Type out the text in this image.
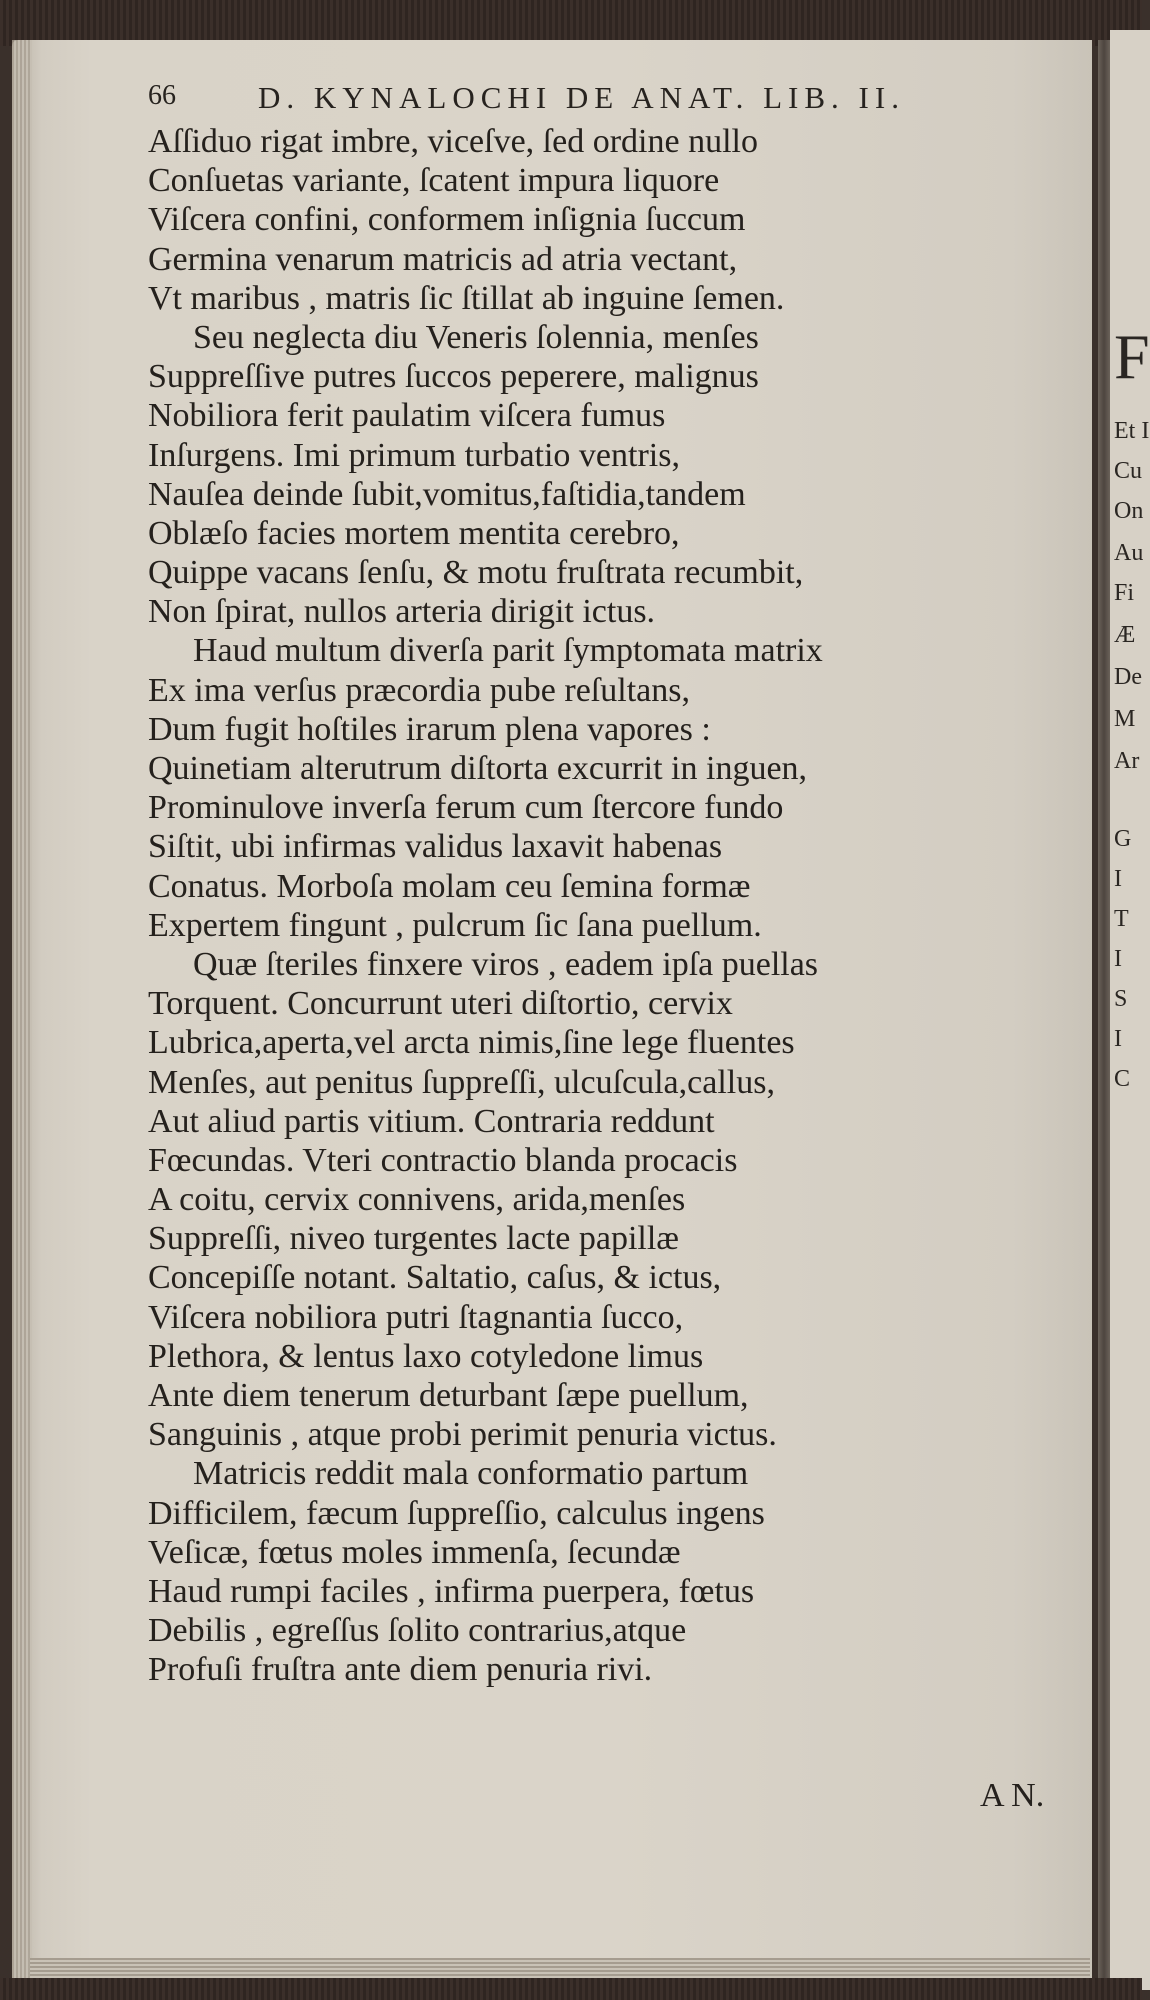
F
Et I
Cu
On
Au
Fi
Æ
De
M
Ar
G
I
T
I
S
I
C
66	D. KYNALOCHI DE ANAT. LIB. II.
Aſſiduo rigat imbre, viceſve, ſed ordine nullo
Conſuetas variante, ſcatent impura liquore
Viſcera confini, conformem inſignia ſuccum
Germina venarum matricis ad atria vectant,
Vt maribus , matris ſic ſtillat ab inguine ſemen.
Seu neglecta diu Veneris ſolennia, menſes
Suppreſſive putres ſuccos peperere, malignus
Nobiliora ferit paulatim viſcera fumus
Inſurgens. Imi primum turbatio ventris,
Nauſea deinde ſubit,vomitus,faſtidia,tandem
Oblæſo facies mortem mentita cerebro,
Quippe vacans ſenſu, & motu fruſtrata recumbit,
Non ſpirat, nullos arteria dirigit ictus.
Haud multum diverſa parit ſymptomata matrix
Ex ima verſus præcordia pube reſultans,
Dum fugit hoſtiles irarum plena vapores :
Quinetiam alterutrum diſtorta excurrit in inguen,
Prominulove inverſa ferum cum ſtercore fundo
Siſtit, ubi infirmas validus laxavit habenas
Conatus. Morboſa molam ceu ſemina formæ
Expertem fingunt , pulcrum ſic ſana puellum.
Quæ ſteriles finxere viros , eadem ipſa puellas
Torquent. Concurrunt uteri diſtortio, cervix
Lubrica,aperta,vel arcta nimis,ſine lege fluentes
Menſes, aut penitus ſuppreſſi, ulcuſcula,callus,
Aut aliud partis vitium. Contraria reddunt
Fœcundas. Vteri contractio blanda procacis
A coitu, cervix connivens, arida,menſes
Suppreſſi, niveo turgentes lacte papillæ
Concepiſſe notant. Saltatio, caſus, & ictus,
Viſcera nobiliora putri ſtagnantia ſucco,
Plethora, & lentus laxo cotyledone limus
Ante diem tenerum deturbant ſæpe puellum,
Sanguinis , atque probi perimit penuria victus.
Matricis reddit mala conformatio partum
Difficilem, fæcum ſuppreſſio, calculus ingens
Veſicæ, fœtus moles immenſa, ſecundæ
Haud rumpi faciles , infirma puerpera, fœtus
Debilis , egreſſus ſolito contrarius,atque
Profuſi fruſtra ante diem penuria rivi.
A N.
